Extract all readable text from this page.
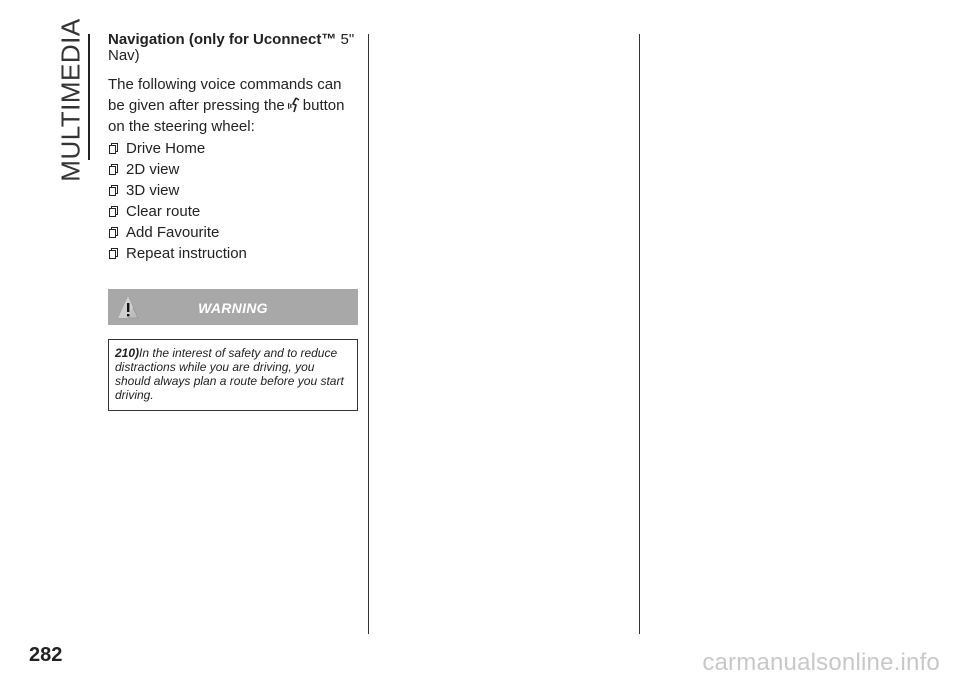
MULTIMEDIA Navigation (only for Uconnect™ 5" Nav)

The following voice commands can be given after pressing the button on the steering wheel:

Drive Home
2D view
3D view
Clear route
Add Favourite
Repeat instruction
WARNING
210)In the interest of safety and to reduce distractions while you are driving, you should always plan a route before you start driving.
282	carmanualsonline.info
